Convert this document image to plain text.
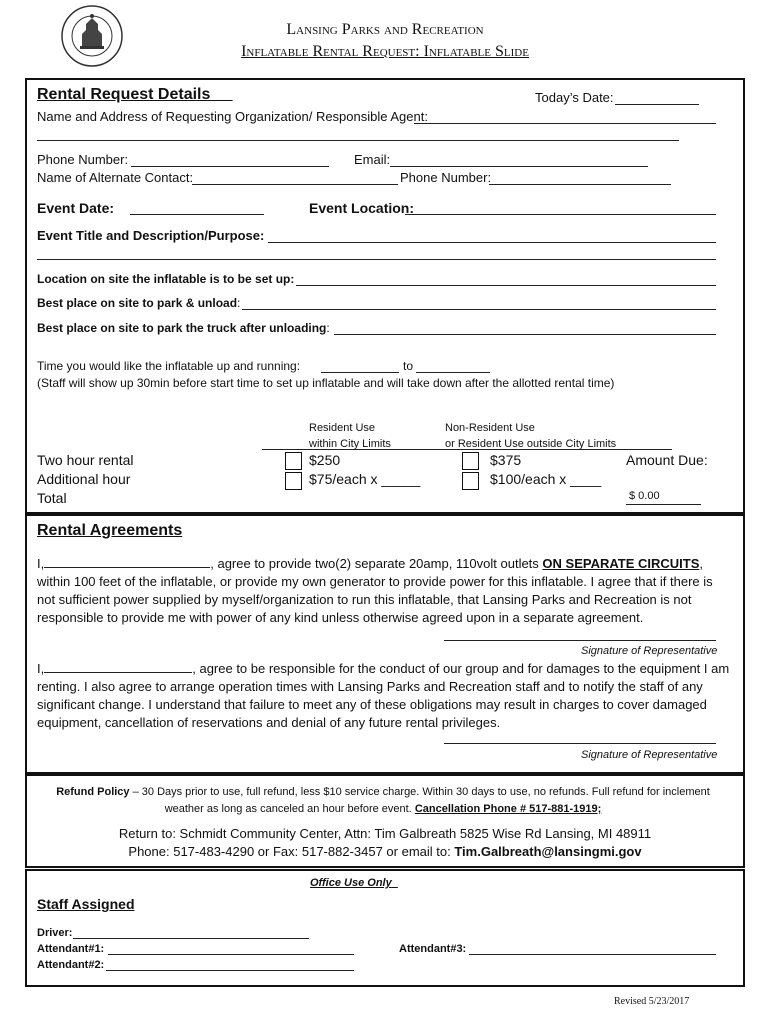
Lansing Parks and Recreation
Inflatable Rental Request: Inflatable Slide
Rental Request Details	Today’s Date:
Name and Address of Requesting Organization/ Responsible Agent:
Phone Number:	Email:
Name of Alternate Contact:	Phone Number:
Event Date:	Event Location:
Event Title and Description/Purpose:
Location on site the inflatable is to be set up:
Best place on site to park & unload:
Best place on site to park the truck after unloading:
Time you would like the inflatable up and running:	to
(Staff will show up 30min before start time to set up inflatable and will take down after the allotted rental time)
Resident Use
within City Limits
Non-Resident Use
or Resident Use outside City Limits
Two hour rental	$250	$375	Amount Due:
Additional hour	$75/each x _____	$100/each x ____
Total	$ 0.00
Rental Agreements
I,	, agree to provide two(2) separate 20amp, 110volt outlets ON SEPARATE CIRCUITS, within 100 feet of the inflatable, or provide my own generator to provide power for this inflatable. I agree that if there is not sufficient power supplied by myself/organization to run this inflatable, that Lansing Parks and Recreation is not responsible to provide me with power of any kind unless otherwise agreed upon in a separate agreement.
Signature of Representative
I,	, agree to be responsible for the conduct of our group and for damages to the equipment I am renting. I also agree to arrange operation times with Lansing Parks and Recreation staff and to notify the staff of any significant change. I understand that failure to meet any of these obligations may result in charges to cover damaged equipment, cancellation of reservations and denial of any future rental privileges.
Signature of Representative
Refund Policy – 30 Days prior to use, full refund, less $10 service charge. Within 30 days to use, no refunds. Full refund for inclement weather as long as canceled an hour before event. Cancellation Phone # 517-881-1919;
Return to: Schmidt Community Center, Attn: Tim Galbreath 5825 Wise Rd Lansing, MI 48911
Phone: 517-483-4290 or Fax: 517-882-3457 or email to: Tim.Galbreath@lansingmi.gov
Office Use Only
Staff Assigned
Driver:
Attendant#1:	Attendant#3:
Attendant#2:
Revised 5/23/2017
